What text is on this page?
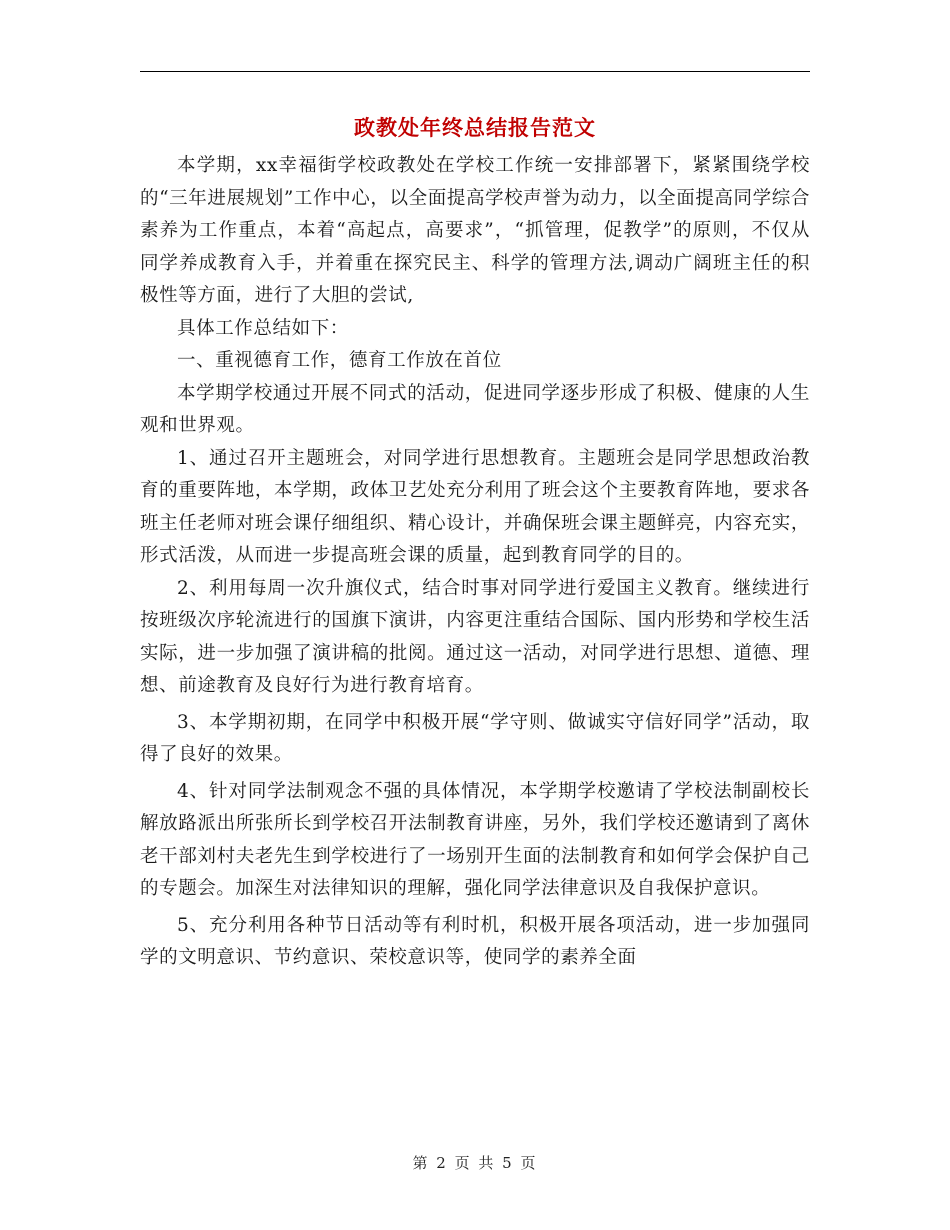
政教处年终总结报告范文

本学期，xx幸福街学校政教处在学校工作统一安排部署下，紧紧围绕学校的“三年进展规划”工作中心，以全面提高学校声誉为动力，以全面提高同学综合素养为工作重点，本着“高起点，高要求”，“抓管理，促教学”的原则，不仅从同学养成教育入手，并着重在探究民主、科学的管理方法,调动广阔班主任的积极性等方面，进行了大胆的尝试,

具体工作总结如下：

一、重视德育工作，德育工作放在首位

本学期学校通过开展不同式的活动，促进同学逐步形成了积极、健康的人生观和世界观。

1、通过召开主题班会，对同学进行思想教育。主题班会是同学思想政治教育的重要阵地，本学期，政体卫艺处充分利用了班会这个主要教育阵地，要求各班主任老师对班会课仔细组织、精心设计，并确保班会课主题鲜亮，内容充实，形式活泼，从而进一步提高班会课的质量，起到教育同学的目的。

2、利用每周一次升旗仪式，结合时事对同学进行爱国主义教育。继续进行按班级次序轮流进行的国旗下演讲，内容更注重结合国际、国内形势和学校生活实际，进一步加强了演讲稿的批阅。通过这一活动，对同学进行思想、道德、理想、前途教育及良好行为进行教育培育。

3、本学期初期，在同学中积极开展“学守则、做诚实守信好同学”活动，取得了良好的效果。

4、针对同学法制观念不强的具体情况，本学期学校邀请了学校法制副校长解放路派出所张所长到学校召开法制教育讲座，另外，我们学校还邀请到了离休老干部刘村夫老先生到学校进行了一场别开生面的法制教育和如何学会保护自己的专题会。加深生对法律知识的理解，强化同学法律意识及自我保护意识。

5、充分利用各种节日活动等有利时机，积极开展各项活动，进一步加强同学的文明意识、节约意识、荣校意识等，使同学的素养全面

第 2 页 共 5 页
